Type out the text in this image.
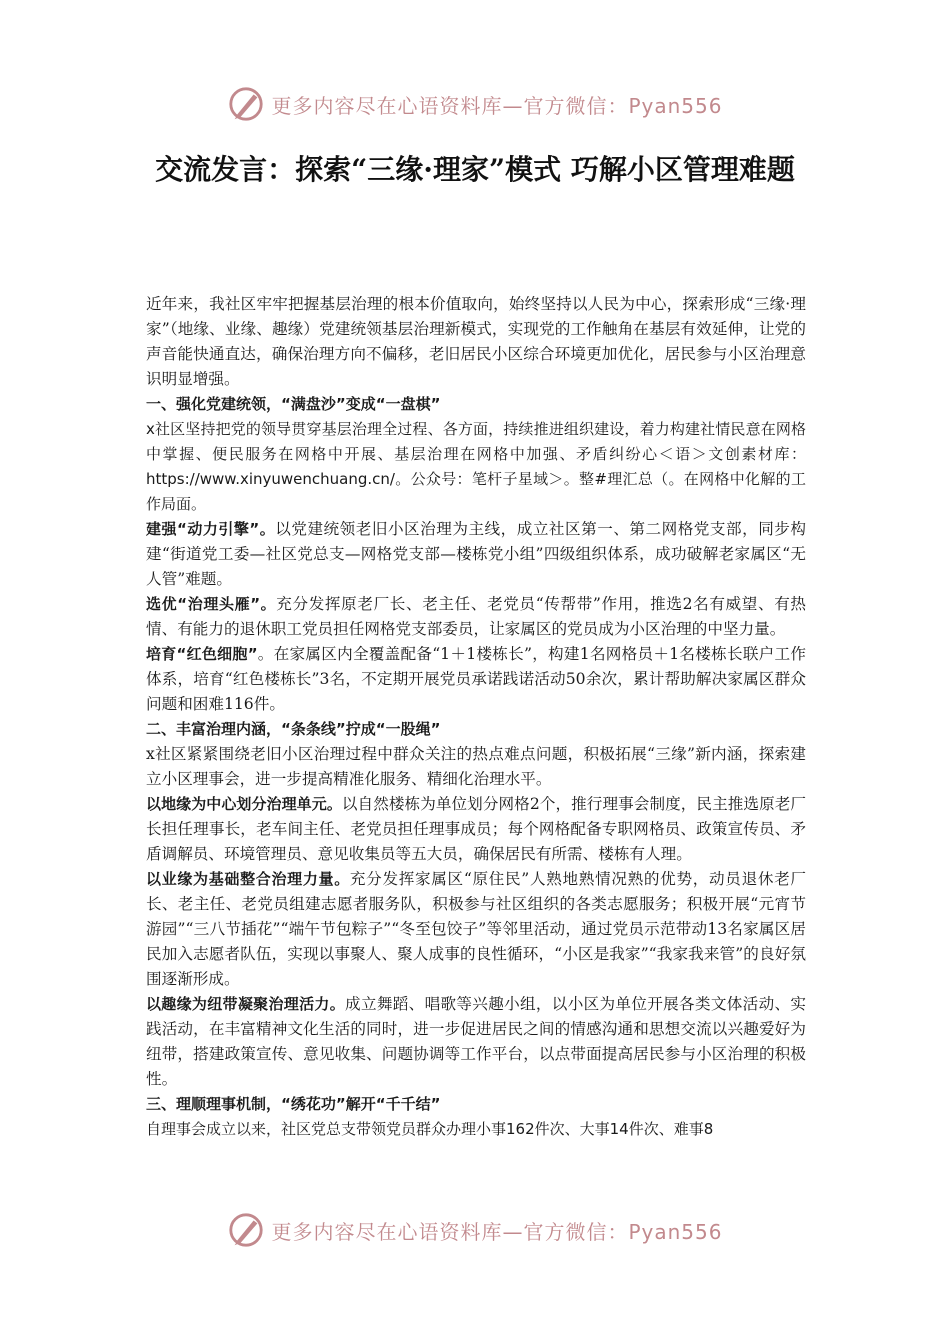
更多内容尽在心语资料库—官方微信：Pyan556
交流发言：探索“三缘·理家”模式 巧解小区管理难题

近年来，我社区牢牢把握基层治理的根本价值取向，始终坚持以人民为中心，探索形成“三缘·理家”（地缘、业缘、趣缘）党建统领基层治理新模式，实现党的工作触角在基层有效延伸，让党的声音能快通直达，确保治理方向不偏移，老旧居民小区综合环境更加优化，居民参与小区治理意识明显增强。

一、强化党建统领，“满盘沙”变成“一盘棋”

x社区坚持把党的领导贯穿基层治理全过程、各方面，持续推进组织建设，着力构建社情民意在网格中掌握、便民服务在网格中开展、基层治理在网格中加强、矛盾纠纷心＜语＞文创素材库：https://www.xinyuwenchuang.cn/。公众号：笔杆子星域＞。整#理汇总（。在网格中化解的工作局面。

建强“动力引擎”。以党建统领老旧小区治理为主线，成立社区第一、第二网格党支部，同步构建“街道党工委—社区党总支—网格党支部—楼栋党小组”四级组织体系，成功破解老家属区“无人管”难题。

选优“治理头雁”。充分发挥原老厂长、老主任、老党员“传帮带”作用，推选2名有威望、有热情、有能力的退休职工党员担任网格党支部委员，让家属区的党员成为小区治理的中坚力量。

培育“红色细胞”。在家属区内全覆盖配备“1＋1楼栋长”，构建1名网格员＋1名楼栋长联户工作体系，培育“红色楼栋长”3名，不定期开展党员承诺践诺活动50余次，累计帮助解决家属区群众问题和困难116件。

二、丰富治理内涵，“条条线”拧成“一股绳”

x社区紧紧围绕老旧小区治理过程中群众关注的热点难点问题，积极拓展“三缘”新内涵，探索建立小区理事会，进一步提高精准化服务、精细化治理水平。

以地缘为中心划分治理单元。以自然楼栋为单位划分网格2个，推行理事会制度，民主推选原老厂长担任理事长，老车间主任、老党员担任理事成员；每个网格配备专职网格员、政策宣传员、矛盾调解员、环境管理员、意见收集员等五大员，确保居民有所需、楼栋有人理。

以业缘为基础整合治理力量。充分发挥家属区“原住民”人熟地熟情况熟的优势，动员退休老厂长、老主任、老党员组建志愿者服务队，积极参与社区组织的各类志愿服务；积极开展“元宵节游园”“三八节插花”“端午节包粽子”“冬至包饺子”等邻里活动，通过党员示范带动13名家属区居民加入志愿者队伍，实现以事聚人、聚人成事的良性循环，“小区是我家”“我家我来管”的良好氛围逐渐形成。

以趣缘为纽带凝聚治理活力。成立舞蹈、唱歌等兴趣小组，以小区为单位开展各类文体活动、实践活动，在丰富精神文化生活的同时，进一步促进居民之间的情感沟通和思想交流以兴趣爱好为纽带，搭建政策宣传、意见收集、问题协调等工作平台，以点带面提高居民参与小区治理的积极性。

三、理顺理事机制，“绣花功”解开“千千结”

自理事会成立以来，社区党总支带领党员群众办理小事162件次、大事14件次、难事8

更多内容尽在心语资料库—官方微信：Pyan556
